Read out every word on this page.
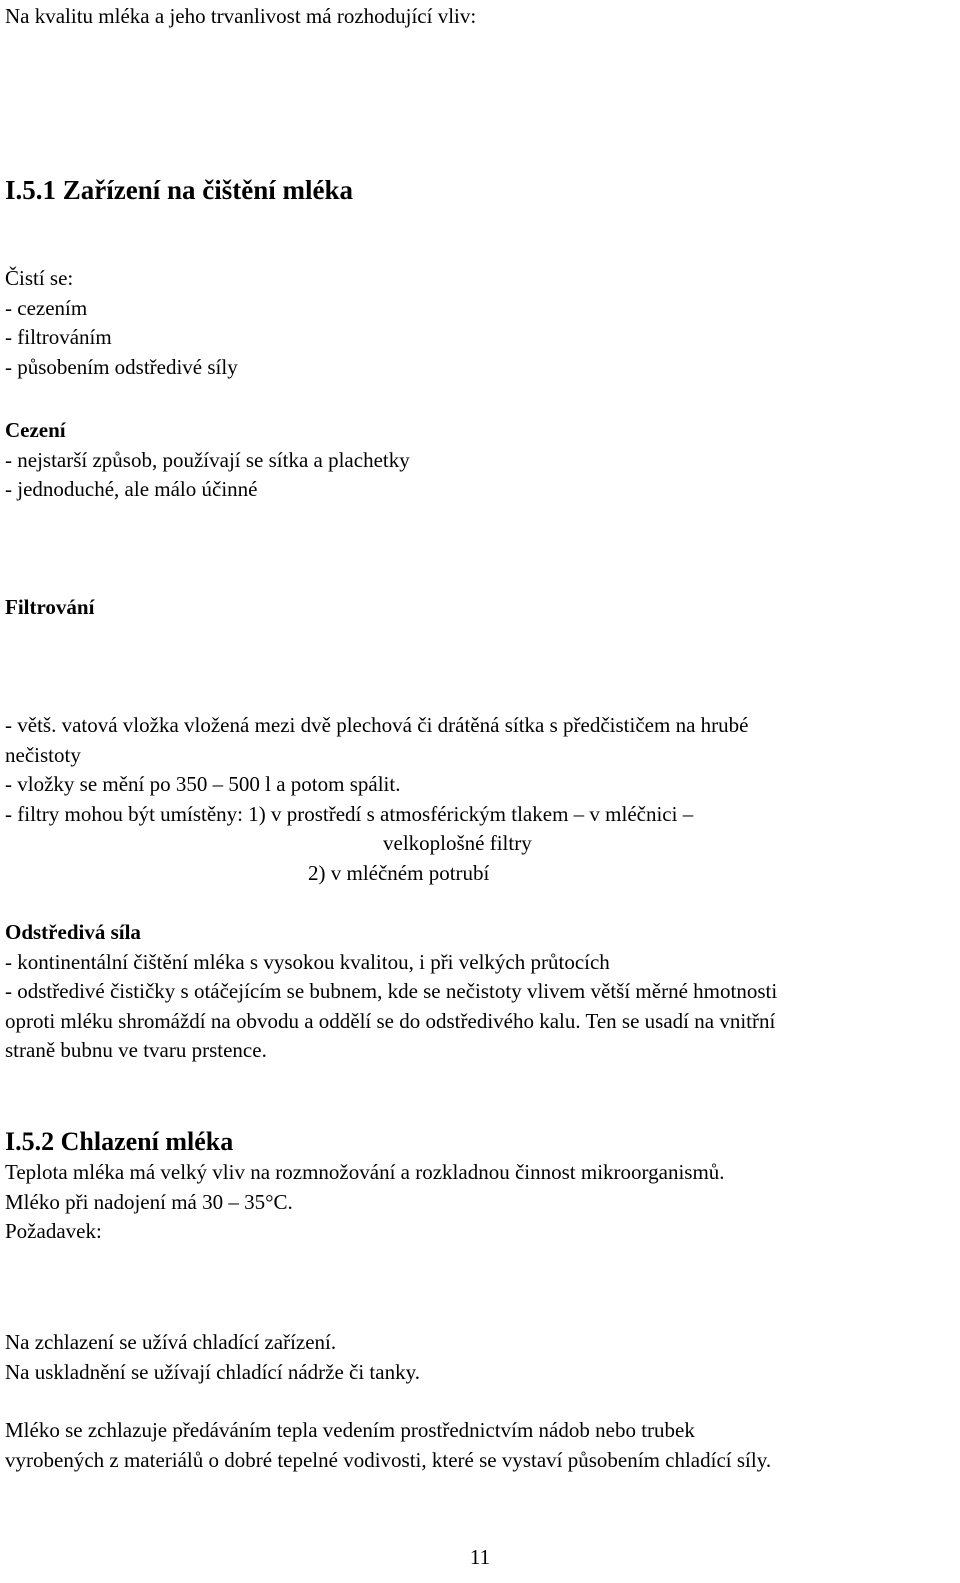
Na kvalitu mléka a jeho trvanlivost má rozhodující vliv:
I.5.1 Zařízení na čištění mléka
Čistí se:
- cezením
- filtrováním
- působením odstředivé síly
Cezení
- nejstarší způsob, používají se sítka a plachetky
- jednoduché, ale málo účinné
Filtrování
- větš. vatová vložka vložená mezi dvě plechová či drátěná sítka s předčističem na hrubé
nečistoty
- vložky se mění po 350 – 500 l a potom spálit.
- filtry mohou být umístěny: 1) v prostředí s atmosférickým tlakem – v mléčnici –
velkoplošné filtry
2) v mléčném potrubí
Odstředivá síla
- kontinentální čištění mléka s vysokou kvalitou, i při velkých průtocích
- odstředivé čističky s otáčejícím se bubnem, kde se nečistoty vlivem větší měrné hmotnosti
oproti mléku shromáždí na obvodu a oddělí se do odstředivého kalu. Ten se usadí na vnitřní
straně bubnu ve tvaru prstence.
I.5.2 Chlazení mléka
Teplota mléka má velký vliv na rozmnožování a rozkladnou činnost mikroorganismů.
Mléko při nadojení má 30 – 35°C.
Požadavek:
Na zchlazení se užívá chladící zařízení.
Na uskladnění se užívají chladící nádrže či tanky.
Mléko se zchlazuje předáváním tepla vedením prostřednictvím nádob nebo trubek
vyrobených z materiálů o dobré tepelné vodivosti, které se vystaví působením chladící síly.
11
